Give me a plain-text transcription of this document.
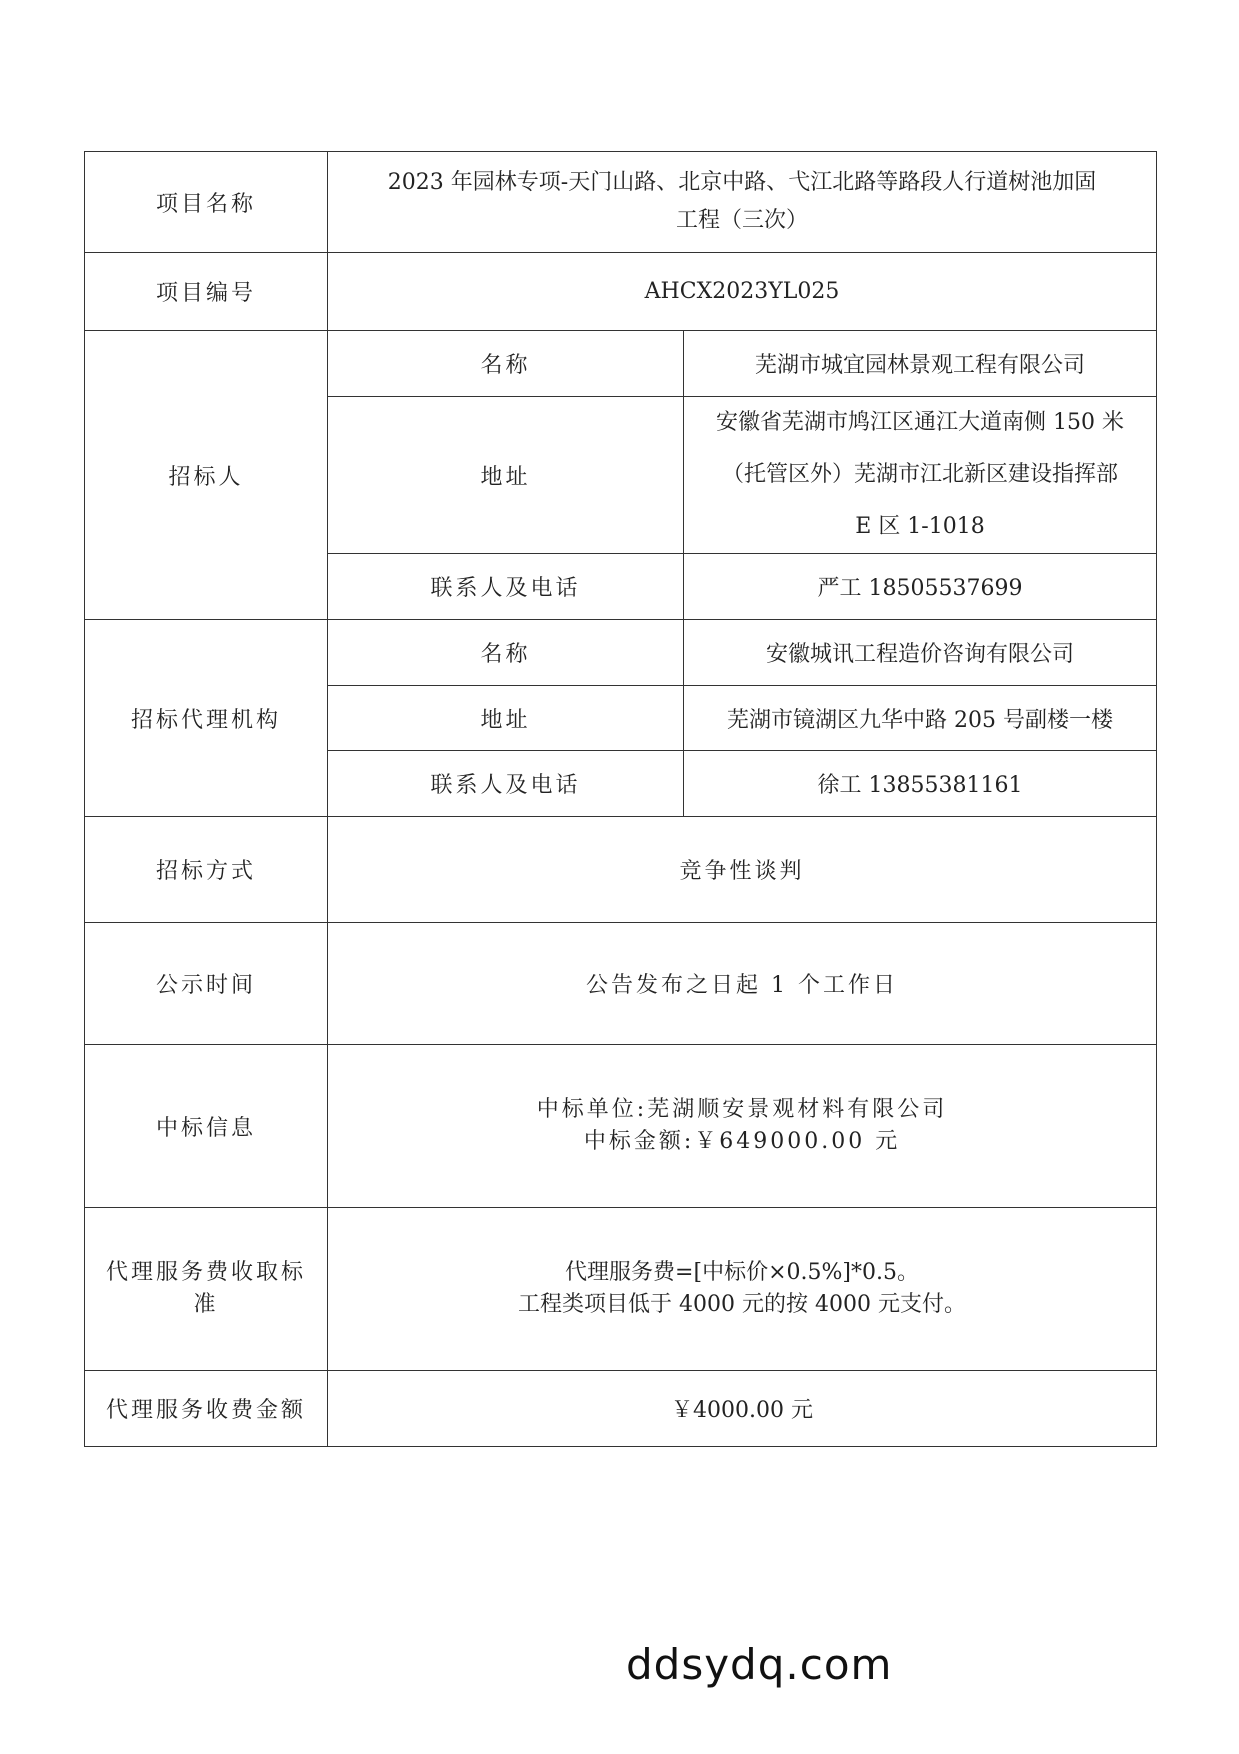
项目名称	2023 年园林专项-天门山路、北京中路、弋江北路等路段人行道树池加固
工程（三次）	

项目编号	AHCX2023YL025	
招标人	名称	芜湖市城宜园林景观工程有限公司
	地址	安徽省芜湖市鸠江区通江大道南侧 150 米
（托管区外）芜湖市江北新区建设指挥部
E 区 1-1018

	联系人及电话	严工 18505537699
招标代理机构	名称	安徽城讯工程造价咨询有限公司
	地址	芜湖市镜湖区九华中路 205 号副楼一楼
	联系人及电话	徐工 13855381161
招标方式	竞争性谈判	
公示时间	公告发布之日起 1 个工作日	
中标信息	中标单位:芜湖顺安景观材料有限公司
中标金额:￥649000.00 元	

代理服务费收取标
准	代理服务费=[中标价×0.5%]*0.5。
工程类项目低于 4000 元的按 4000 元支付。	

代理服务收费金额	￥4000.00 元	
ddsydq.com
